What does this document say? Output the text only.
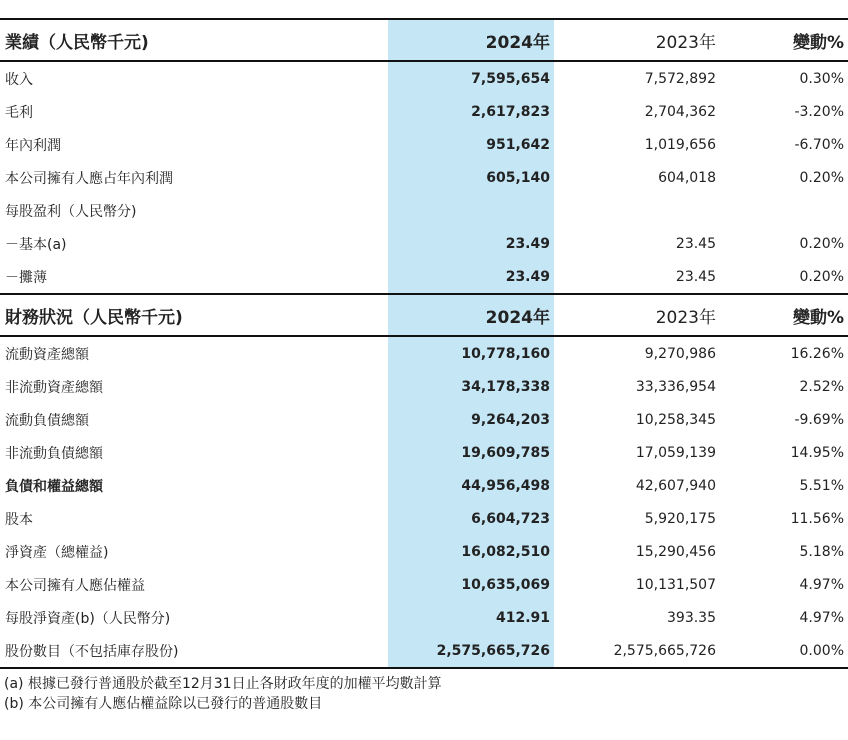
業績（人民幣千元)	2024年	2023年	變動%
收入	7,595,654	7,572,892	0.30%
毛利	2,617,823	2,704,362	-3.20%
年內利潤	951,642	1,019,656	-6.70%
本公司擁有人應占年內利潤	605,140	604,018	0.20%
每股盈利（人民幣分)			
－基本(a)	23.49	23.45	0.20%
－攤薄	23.49	23.45	0.20%
財務狀況（人民幣千元)	2024年	2023年	變動%
流動資產總額	10,778,160	9,270,986	16.26%
非流動資產總額	34,178,338	33,336,954	2.52%
流動負債總額	9,264,203	10,258,345	-9.69%
非流動負債總額	19,609,785	17,059,139	14.95%
負債和權益總額	44,956,498	42,607,940	5.51%
股本	6,604,723	5,920,175	11.56%
淨資產（總權益)	16,082,510	15,290,456	5.18%
本公司擁有人應佔權益	10,635,069	10,131,507	4.97%
每股淨資產(b)（人民幣分)	412.91	393.35	4.97%
股份數目（不包括庫存股份)	2,575,665,726	2,575,665,726	0.00%
(a) 根據已發行普通股於截至12月31日止各財政年度的加權平均數計算
(b) 本公司擁有人應佔權益除以已發行的普通股數目
